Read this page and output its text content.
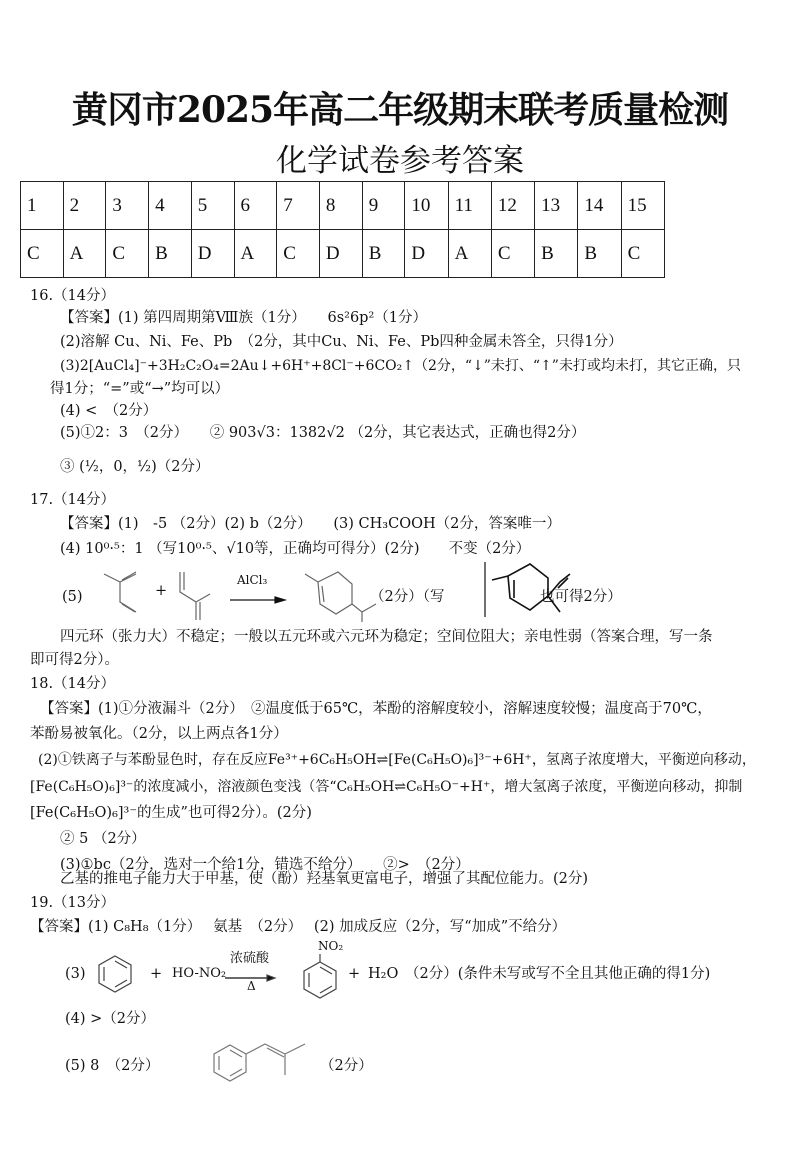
黄冈市2025年高二年级期末联考质量检测
化学试卷参考答案
1	2	3	4	5	6	7	8	9	10	11	12	13	14	15
C	A	C	B	D	A	C	D	B	D	A	C	B	B	C
16.（14分）
【答案】(1) 第四周期第Ⅷ族（1分）　　6s²6p²（1分）
(2)溶解 Cu、Ni、Fe、Pb　（2分，其中Cu、Ni、Fe、Pb四种金属未答全，只得1分）
(3)2[AuCl₄]⁻+3H₂C₂O₄=2Au↓+6H⁺+8Cl⁻+6CO₂↑（2分，“↓”未打、“↑”未打或均未打，其它正确，只
得1分；“=”或“→”均可以）
(4) <　（2分）
(5)①2：3　（2分）　　② 903√3：1382√2 （2分，其它表达式，正确也得2分）
③ (½，0，½)（2分）
17.（14分）
【答案】(1)　-5 （2分）(2) b（2分）　　(3) CH₃COOH（2分，答案唯一）
(4) 10⁰·⁵：1 （写10⁰·⁵、√10等，正确均可得分）(2分)　　不变（2分）
(5)	+
AlCl₃
（2分）（写	也可得2分）
四元环（张力大）不稳定；一般以五元环或六元环为稳定；空间位阻大；亲电性弱（答案合理，写一条
即可得2分）。
18.（14分）
【答案】(1)①分液漏斗（2分）　②温度低于65℃，苯酚的溶解度较小，溶解速度较慢；温度高于70℃，
苯酚易被氧化。（2分，以上两点各1分）
(2)①铁离子与苯酚显色时，存在反应Fe³⁺+6C₆H₅OH⇌[Fe(C₆H₅O)₆]³⁻+6H⁺，氢离子浓度增大，平衡逆向移动，
[Fe(C₆H₅O)₆]³⁻的浓度减小，溶液颜色变浅（答“C₆H₅OH⇌C₆H₅O⁻+H⁺，增大氢离子浓度，平衡逆向移动，抑制
[Fe(C₆H₅O)₆]³⁻的生成”也可得2分）。(2分)
② 5 （2分）
(3)①bc（2分，选对一个给1分，错选不给分）　　②>　（2分）
乙基的推电子能力大于甲基，使（酚）羟基氧更富电子，增强了其配位能力。(2分)
19.（13分）
【答案】(1) C₈H₈（1分）　 氨基　（2分）　 (2) 加成反应（2分，写“加成”不给分）
(3)	+ HO-NO₂
浓硫酸
Δ
NO₂
+ H₂O （2分）(条件未写或写不全且其他正确的得1分)
(4) >（2分）
(5) 8　（2分）	（2分）
